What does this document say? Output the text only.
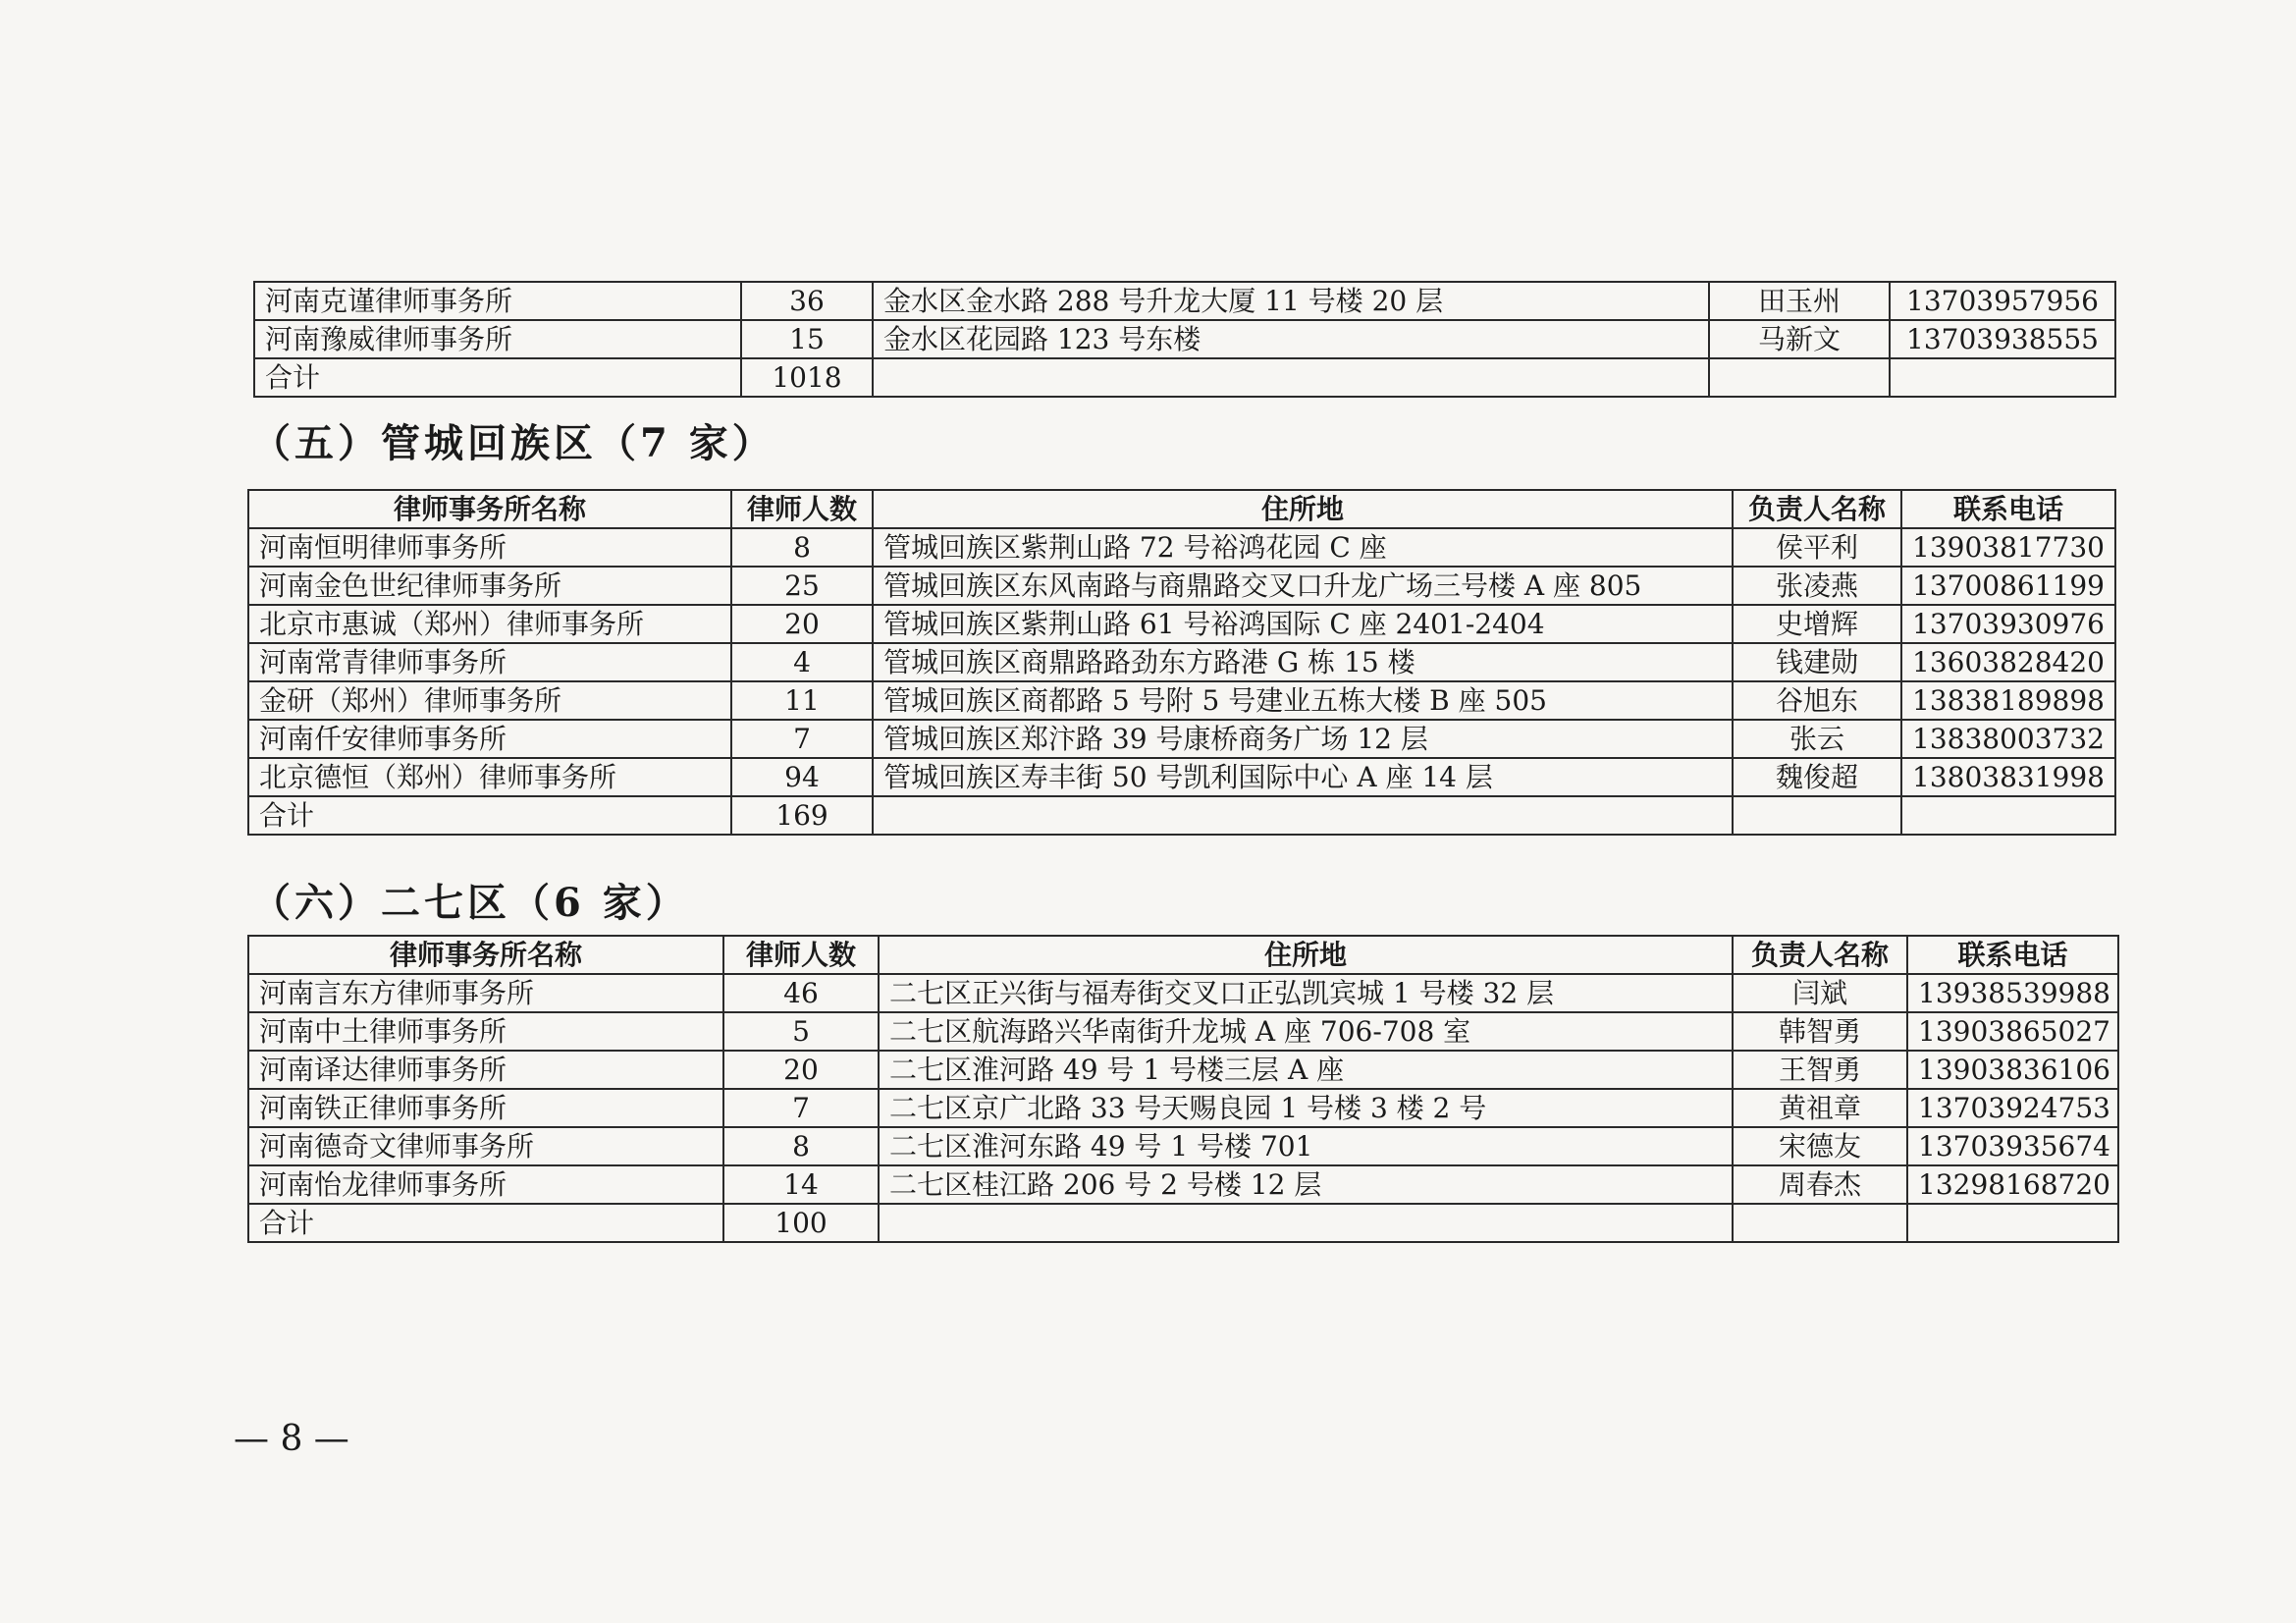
河南克谨律师事务所	36	金水区金水路 288 号升龙大厦 11 号楼 20 层	田玉州	13703957956
河南豫威律师事务所	15	金水区花园路 123 号东楼	马新文	13703938555
合计	1018			
（五）管城回族区（7 家）
律师事务所名称	律师人数	住所地	负责人名称	联系电话
河南恒明律师事务所	8	管城回族区紫荆山路 72 号裕鸿花园 C 座	侯平利	13903817730
河南金色世纪律师事务所	25	管城回族区东风南路与商鼎路交叉口升龙广场三号楼 A 座 805	张凌燕	13700861199
北京市惠诚（郑州）律师事务所	20	管城回族区紫荆山路 61 号裕鸿国际 C 座 2401-2404	史增辉	13703930976
河南常青律师事务所	4	管城回族区商鼎路路劲东方路港 G 栋 15 楼	钱建勋	13603828420
金研（郑州）律师事务所	11	管城回族区商都路 5 号附 5 号建业五栋大楼 B 座 505	谷旭东	13838189898
河南仟安律师事务所	7	管城回族区郑汴路 39 号康桥商务广场 12 层	张云	13838003732
北京德恒（郑州）律师事务所	94	管城回族区寿丰街 50 号凯利国际中心 A 座 14 层	魏俊超	13803831998
合计	169			
（六）二七区（6 家）
律师事务所名称	律师人数	住所地	负责人名称	联系电话
河南言东方律师事务所	46	二七区正兴街与福寿街交叉口正弘凯宾城 1 号楼 32 层	闫斌	13938539988
河南中土律师事务所	5	二七区航海路兴华南街升龙城 A 座 706-708 室	韩智勇	13903865027
河南译达律师事务所	20	二七区淮河路 49 号 1 号楼三层 A 座	王智勇	13903836106
河南铁正律师事务所	7	二七区京广北路 33 号天赐良园 1 号楼 3 楼 2 号	黄祖章	13703924753
河南德奇文律师事务所	8	二七区淮河东路 49 号 1 号楼 701	宋德友	13703935674
河南怡龙律师事务所	14	二七区桂江路 206 号 2 号楼 12 层	周春杰	13298168720
合计	100			
— 8 —
